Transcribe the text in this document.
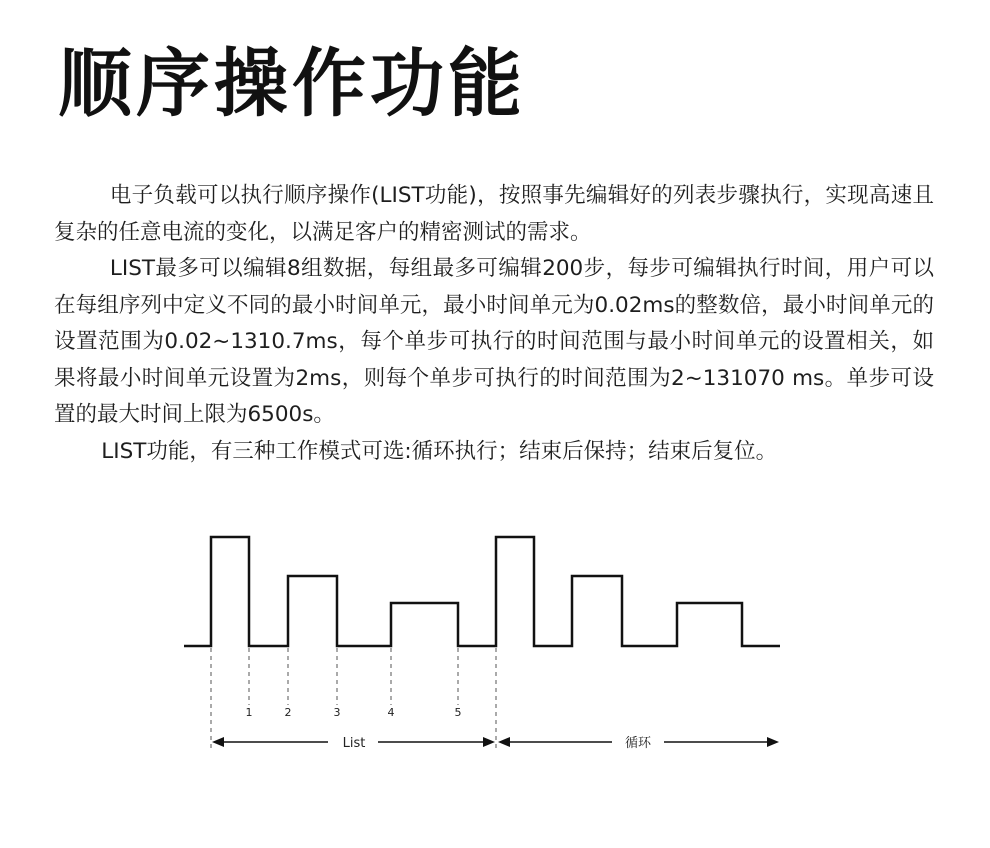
顺序操作功能

电子负载可以执行顺序操作(LIST功能)，按照事先编辑好的列表步骤执行，实现高速且复杂的任意电流的变化，以满足客户的精密测试的需求。

LIST最多可以编辑8组数据，每组最多可编辑200步，每步可编辑执行时间，用户可以在每组序列中定义不同的最小时间单元，最小时间单元为0.02ms的整数倍，最小时间单元的设置范围为0.02~1310.7ms，每个单步可执行的时间范围与最小时间单元的设置相关，如果将最小时间单元设置为2ms，则每个单步可执行的时间范围为2~131070 ms。单步可设置的最大时间上限为6500s。

LIST功能，有三种工作模式可选:循环执行；结束后保持；结束后复位。

1	2	3	4	5
List	循环
